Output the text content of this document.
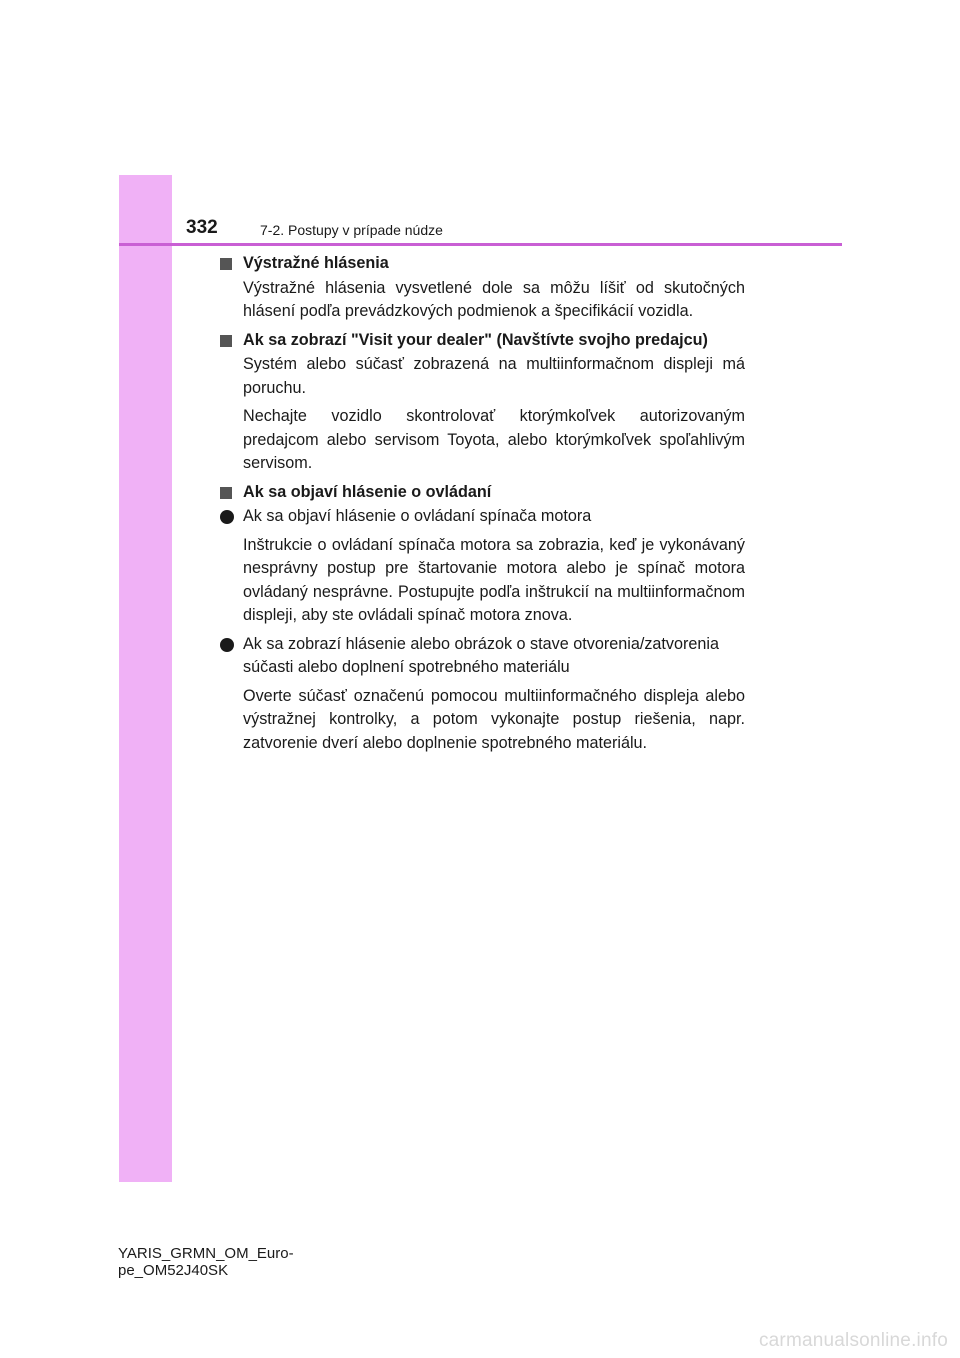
332	7-2. Postupy v prípade núdze
Výstražné hlásenia

Výstražné hlásenia vysvetlené dole sa môžu líšiť od skutočných hlásení podľa prevádzkových podmienok a špecifikácií vozidla.

Ak sa zobrazí "Visit your dealer" (Navštívte svojho predajcu)

Systém alebo súčasť zobrazená na multiinformačnom displeji má poruchu.

Nechajte vozidlo skontrolovať ktorýmkoľvek autorizovaným predajcom alebo servisom Toyota, alebo ktorýmkoľvek spoľahlivým servisom.

Ak sa objaví hlásenie o ovládaní
Ak sa objaví hlásenie o ovládaní spínača motora

Inštrukcie o ovládaní spínača motora sa zobrazia, keď je vykonávaný nesprávny postup pre štartovanie motora alebo je spínač motora ovládaný nesprávne. Postupujte podľa inštrukcií na multiinformačnom displeji, aby ste ovládali spínač motora znova.

Ak sa zobrazí hlásenie alebo obrázok o stave otvorenia/zatvorenia súčasti alebo doplnení spotrebného materiálu

Overte súčasť označenú pomocou multiinformačného displeja alebo výstražnej kontrolky, a potom vykonajte postup riešenia, napr. zatvorenie dverí alebo doplnenie spotrebného materiálu.

YARIS_GRMN_OM_Euro-
pe_OM52J40SK
carmanualsonline.info
